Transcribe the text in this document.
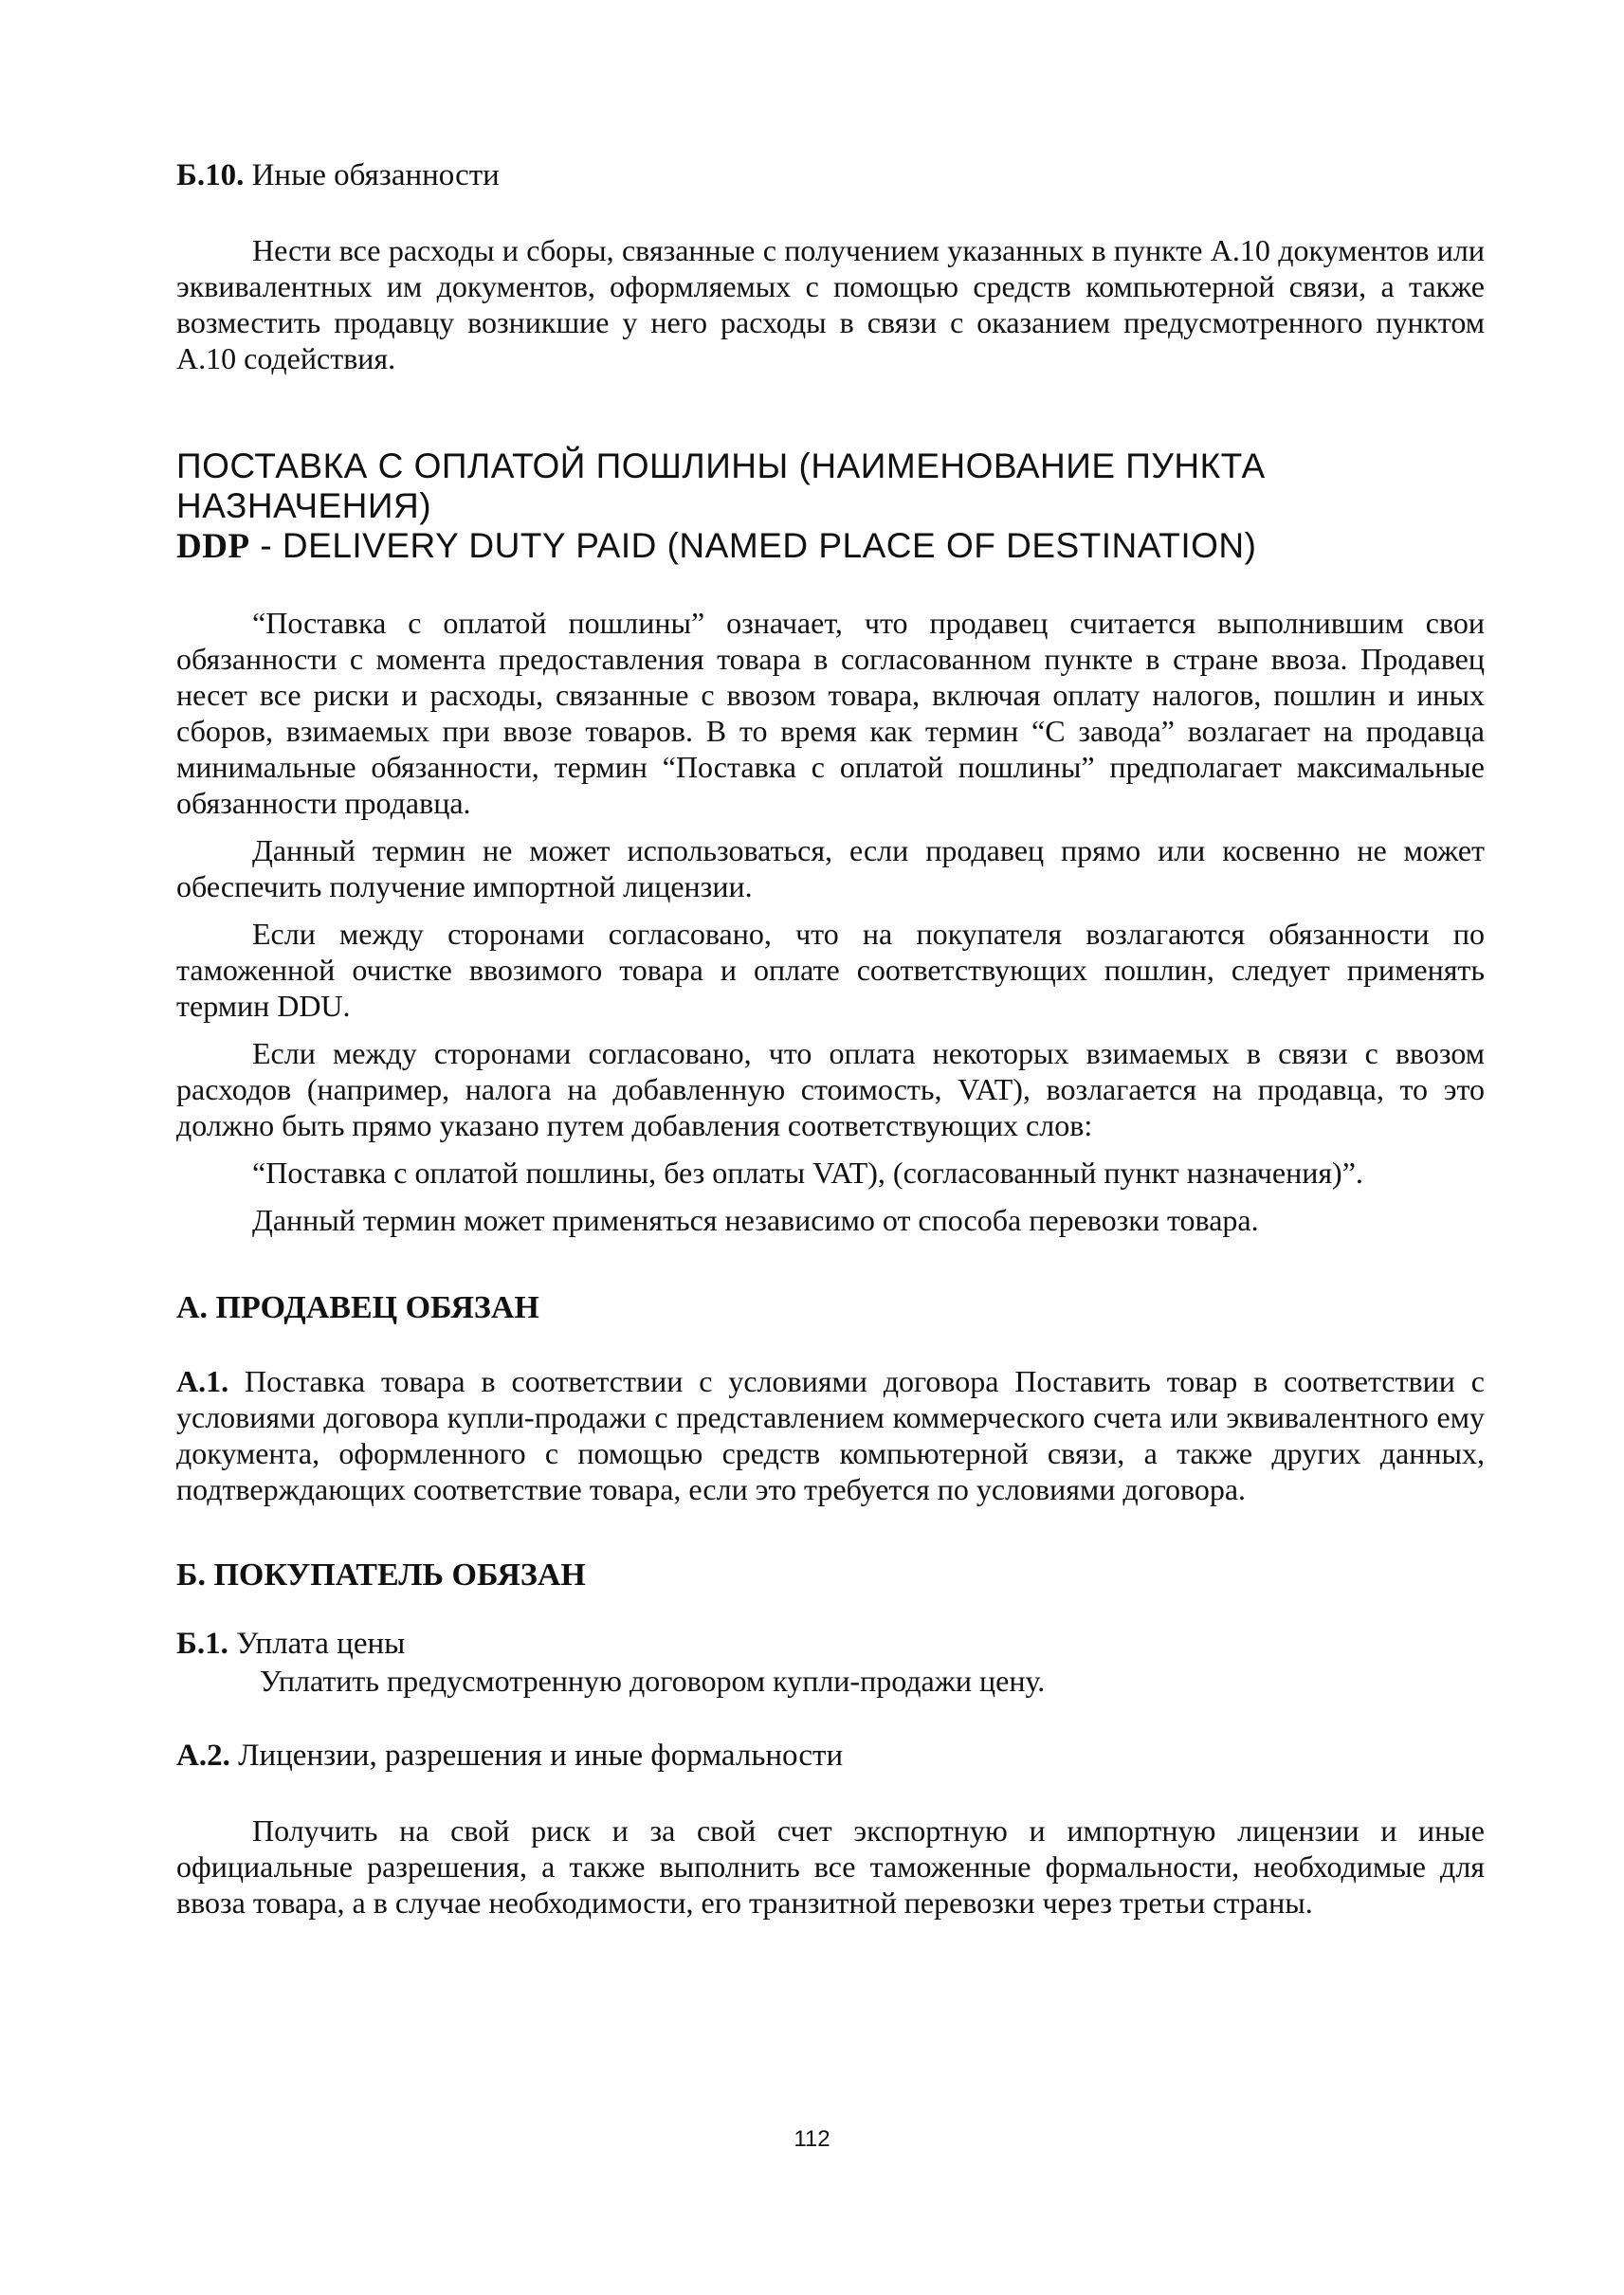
Б.10. Иные обязанности

Нести все расходы и сборы, связанные с получением указанных в пункте А.10 документов или эквивалентных им документов, оформляемых с помощью средств компьютерной связи, а также возместить продавцу возникшие у него расходы в связи с оказанием предусмотренного пунктом А.10 содействия.

ПОСТАВКА С ОПЛАТОЙ ПОШЛИНЫ (НАИМЕНОВАНИЕ ПУНКТА

НАЗНАЧЕНИЯ)

DDP - DELIVERY DUTY PAID (NAMED PLACE OF DESTINATION)

“Поставка с оплатой пошлины” означает, что продавец считается выполнившим свои обязанности с момента предоставления товара в согласованном пункте в стране ввоза. Продавец несет все риски и расходы, связанные с ввозом товара, включая оплату налогов, пошлин и иных сборов, взимаемых при ввозе товаров. В то время как термин “С завода” возлагает на продавца минимальные обязанности, термин “Поставка с оплатой пошлины” предполагает максимальные обязанности продавца.

Данный термин не может использоваться, если продавец прямо или косвенно не может обеспечить получение импортной лицензии.

Если между сторонами согласовано, что на покупателя возлагаются обязанности по таможенной очистке ввозимого товара и оплате соответствующих пошлин, следует применять термин DDU.

Если между сторонами согласовано, что оплата некоторых взимаемых в связи с ввозом расходов (например, налога на добавленную стоимость, VAT), возлагается на продавца, то это должно быть прямо указано путем добавления соответствующих слов:

“Поставка с оплатой пошлины, без оплаты VAT), (согласованный пункт назначения)”.

Данный термин может применяться независимо от способа перевозки товара.

А. ПРОДАВЕЦ ОБЯЗАН

А.1. Поставка товара в соответствии с условиями договора Поставить товар в соответствии с условиями договора купли-продажи с представлением коммерческого счета или эквивалентного ему документа, оформленного с помощью средств компьютерной связи, а также других данных, подтверждающих соответствие товара, если это требуется по условиями договора.

Б. ПОКУПАТЕЛЬ ОБЯЗАН

Б.1. Уплата цены

Уплатить предусмотренную договором купли-продажи цену.

А.2. Лицензии, разрешения и иные формальности

Получить на свой риск и за свой счет экспортную и импортную лицензии и иные официальные разрешения, а также выполнить все таможенные формальности, необходимые для ввоза товара, а в случае необходимости, его транзитной перевозки через третьи страны.

112
